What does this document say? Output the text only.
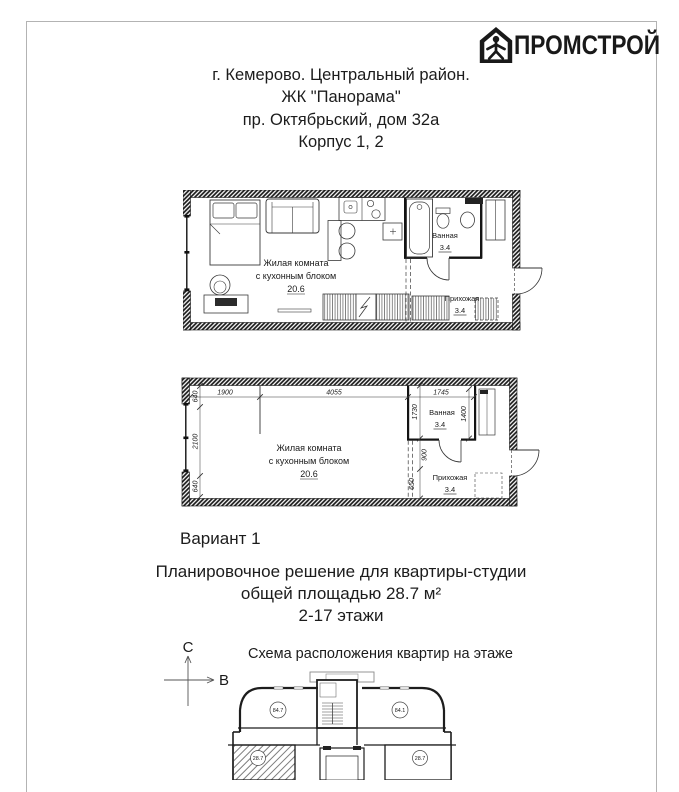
ПРОМСТРОЙ
г. Кемерово. Центральный район.
ЖК "Панорама"
пр. Октябрьский, дом 32а
Корпус 1, 2
Жилая комната
с кухонным блоком
20.6
Ванная
3.4
Прихожая
3.4
1900	4055	1745
640
2100
640
1730	1400
900
650
Жилая комната
с кухонным блоком
20.6
Ванная
3.4
Прихожая
3.4
Вариант 1
Планировочное решение для квартиры-студии
общей площадью 28.7 м²
2-17 этажи
С
В
Схема расположения квартир на этаже
84.7	84.1
28.7	28.7
